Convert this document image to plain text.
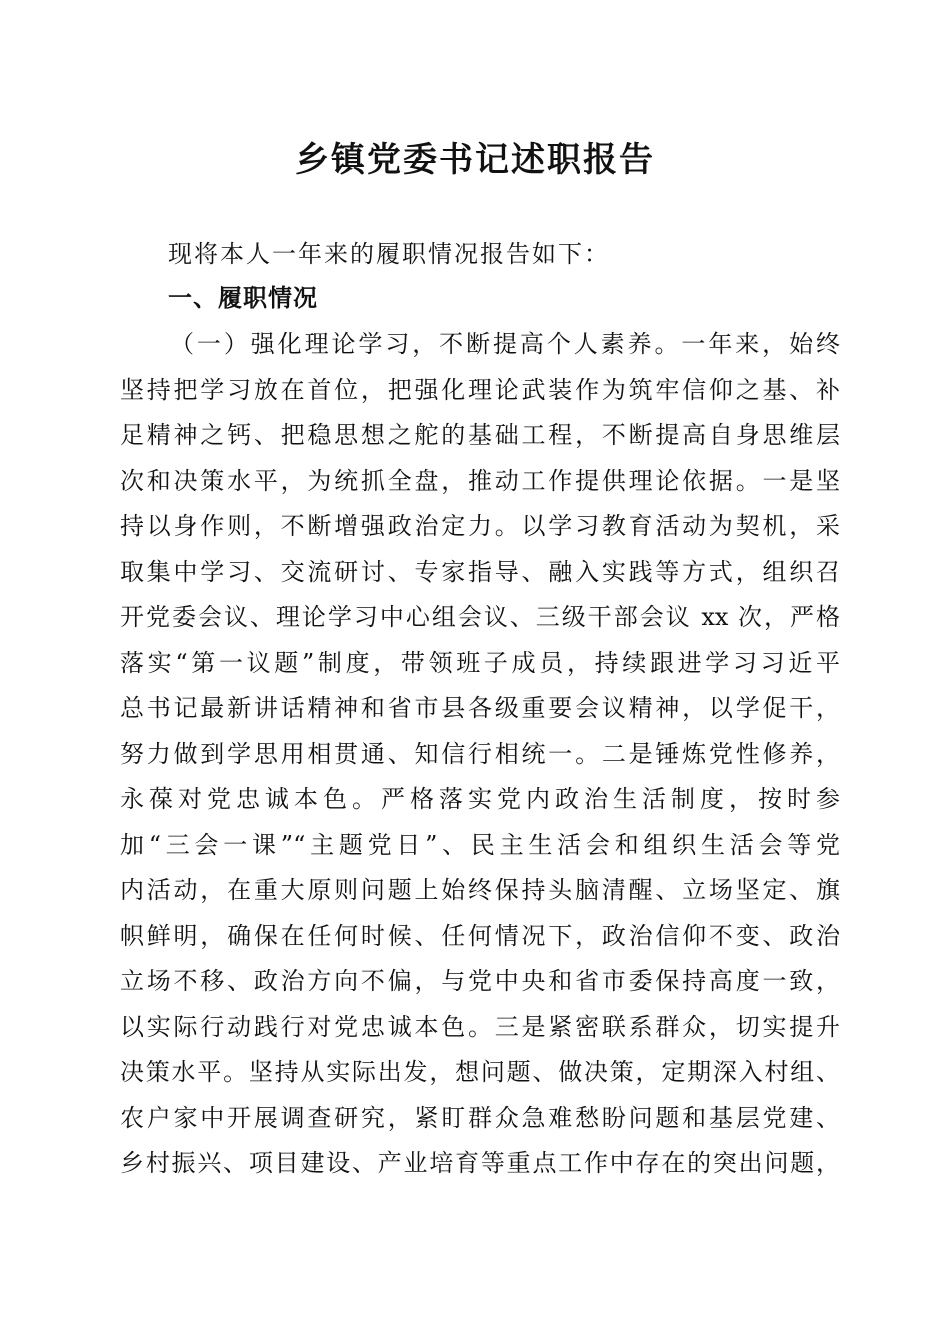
乡镇党委书记述职报告

现将本人一年来的履职情况报告如下：

一、履职情况
（一）强化理论学习，不断提高个人素养。一年来，始终
坚持把学习放在首位，把强化理论武装作为筑牢信仰之基、补
足精神之钙、把稳思想之舵的基础工程，不断提高自身思维层
次和决策水平，为统抓全盘，推动工作提供理论依据。一是坚
持以身作则，不断增强政治定力。以学习教育活动为契机，采
取集中学习、交流研讨、专家指导、融入实践等方式，组织召
开党委会议、理论学习中心组会议、三级干部会议 xx 次，严格
落实“第一议题”制度，带领班子成员，持续跟进学习习近平
总书记最新讲话精神和省市县各级重要会议精神，以学促干，
努力做到学思用相贯通、知信行相统一。二是锤炼党性修养，
永葆对党忠诚本色。严格落实党内政治生活制度，按时参
加“三会一课”“主题党日”、民主生活会和组织生活会等党
内活动，在重大原则问题上始终保持头脑清醒、立场坚定、旗
帜鲜明，确保在任何时候、任何情况下，政治信仰不变、政治
立场不移、政治方向不偏，与党中央和省市委保持高度一致，
以实际行动践行对党忠诚本色。三是紧密联系群众，切实提升
决策水平。坚持从实际出发，想问题、做决策，定期深入村组、
农户家中开展调查研究，紧盯群众急难愁盼问题和基层党建、
乡村振兴、项目建设、产业培育等重点工作中存在的突出问题，
